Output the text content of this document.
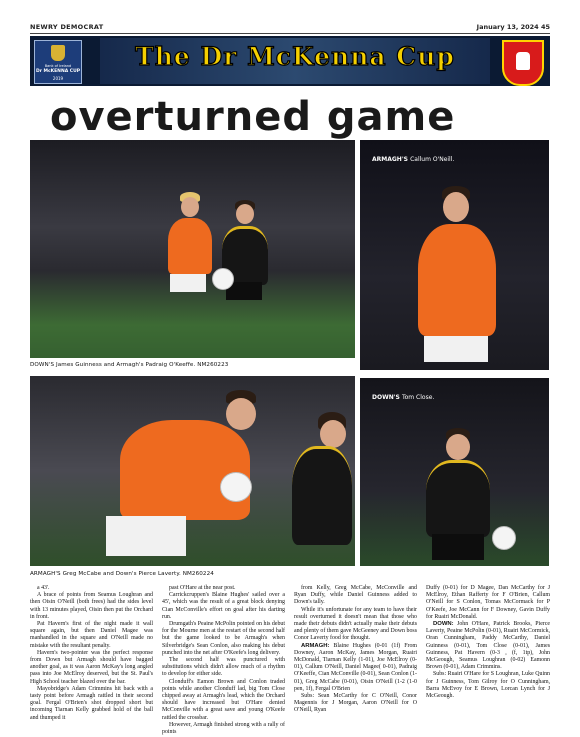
NEWRY DEMOCRAT	January 13, 2024 45
Bank of Ireland
Dr McKENNA CUP
2019
The Dr McKenna Cup
overturned game
DOWN'S James Guinness and Armagh's Padraig O'Keeffe. NM260223
ARMAGH'S Callum O'Neill.
ARMAGH'S Greg McCabe and Down's Pierce Laverty. NM260224
DOWN'S Tom Close.

a 43'.

A brace of points from Seamus Loughran and then Oisin O'Neill (both frees) had the sides level with 13 minutes played, Oisin then put the Orchard in front.

Pat Havern's first of the night made it wall square again, but then Daniel Magee was manhandled in the square and O'Neill made no mistake with the resultant penalty.

Havern's two-pointer was the perfect response from Down but Armagh should have bagged another goal, as it was Aaron McKay's long angled pass into Joe McElroy deserved, but the St. Paul's High School teacher blazed over the bar.

Mayobridge's Adam Crimmins hit back with a tasty point before Armagh rattled in their second goal. Fergal O'Brien's shot dropped short but incoming Tiarnan Kelly grabbed hold of the ball and thumped it

past O'Hare at the near post.

Carrickcruppen's Blaine Hughes' sailed over a 45', which was the result of a great block denying Cian McConville's effort on goal after his darting run.

Drumgath's Peaine McPolin pointed on his debut for the Mourne men at the restart of the second half but the game looked to be Armagh's when Silverbridge's Sean Conlon, also making his debut punched into the net after O'Keefe's long delivery.

The second half was punctured with substitutions which didn't allow much of a rhythm to develop for either side.

Clonduff's Eamon Brown and Conlon traded points while another Clonduff lad, big Tom Close chipped away at Armagh's lead, which the Orchard should have increased but O'Hare denied McConville with a great save and young O'Keefe rattled the crossbar.

However, Armagh finished strong with a rally of points

from Kelly, Greg McCabe, McConville and Ryan Duffy, while Daniel Guinness added to Down's tally.

While it's unfortunate for any team to have their result overturned it doesn't mean that those who made their debuts didn't actually make their debuts and plenty of them gave McGeeney and Down boss Conor Laverty food for thought.

ARMAGH: Blaine Hughes (0-01 (1f) From Downey, Aaron McKay, James Morgan, Ruairi McDonald, Tiarnan Kelly (1-01), Joe McElroy (0-01), Callum O'Neill, Daniel Magee( 0-01), Padraig O'Keeffe, Cian McConville (0-01), Sean Conlon (1-01), Greg McCabe (0-01), Oisin O'Neill (1-2 (1-0 pen, 1f), Fergal O'Brien

Subs: Sean McCarthy for C O'Neill, Conor Magennis for J Morgan, Aaron O'Neill for O O'Neill, Ryan

Duffy (0-01) for D Magee, Dan McCarthy for J McElroy, Ethan Rafferty for F O'Brien, Callum O'Neill for S Conlon, Tomas McCormack for P O'Keefe, Joe McCann for F Downey, Gavin Duffy for Ruairi McDonald.

DOWN: John O'Hare, Patrick Brooks, Pierce Laverty, Peaine McPolin (0-01), Ruairi McCormick, Oran Cunningham, Paddy McCarthy, Daniel Guinness (0-01), Tom Close (0-01), James Guinness, Pat Havern (0-3 , (f, 1tp), John McGeough, Seamus Loughran (0-02) Eamonn Brown (0-01), Adam Crimmins.

Subs: Ruairi O'Hare for S Loughran, Luke Quinn for J Guinness, Tom Gilroy for O Cunningham, Barra McEvoy for E Brown, Lorcan Lynch for J McGeough.
